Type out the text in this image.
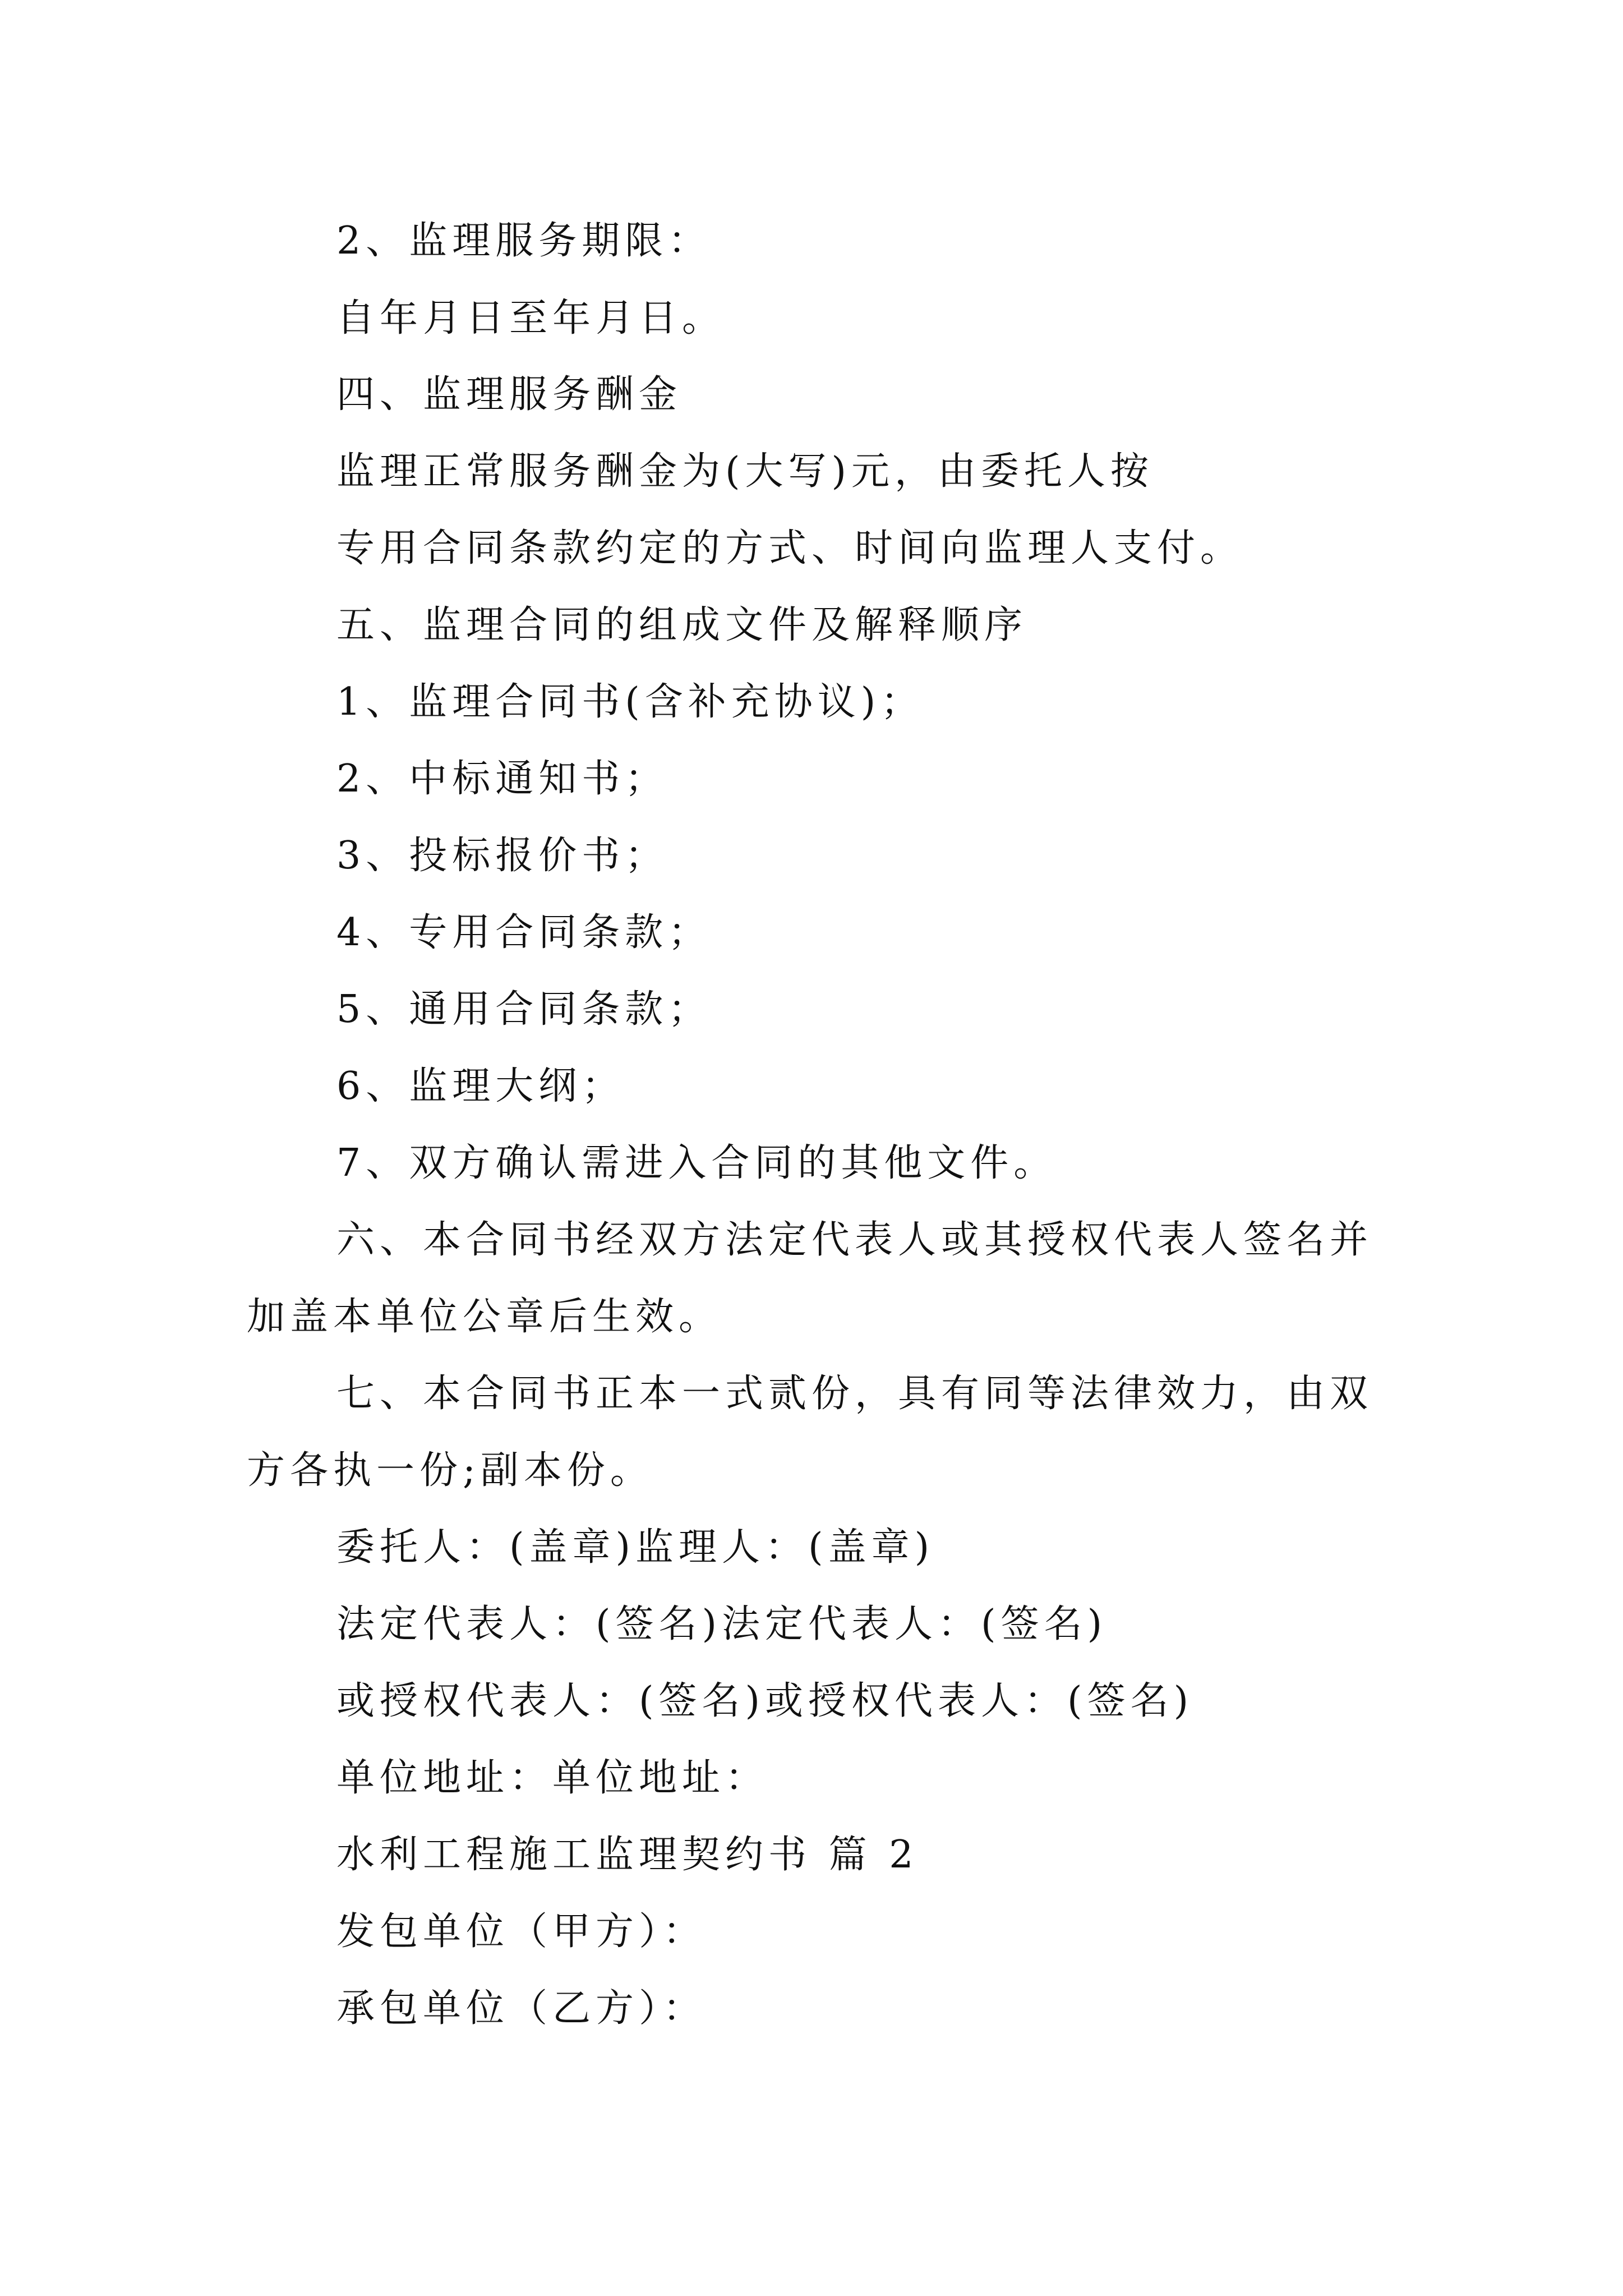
2、监理服务期限：
自年月日至年月日。
四、监理服务酬金
监理正常服务酬金为(大写)元，由委托人按
专用合同条款约定的方式、时间向监理人支付。
五、监理合同的组成文件及解释顺序
1、监理合同书(含补充协议)；
2、中标通知书；
3、投标报价书；
4、专用合同条款；
5、通用合同条款；
6、监理大纲；
7、双方确认需进入合同的其他文件。
六、本合同书经双方法定代表人或其授权代表人签名并
加盖本单位公章后生效。
七、本合同书正本一式贰份，具有同等法律效力，由双
方各执一份;副本份。
委托人：(盖章)监理人：(盖章)
法定代表人：(签名)法定代表人：(签名)
或授权代表人：(签名)或授权代表人：(签名)
单位地址：单位地址：
水利工程施工监理契约书 篇 2
发包单位（甲方）：
承包单位（乙方）：
